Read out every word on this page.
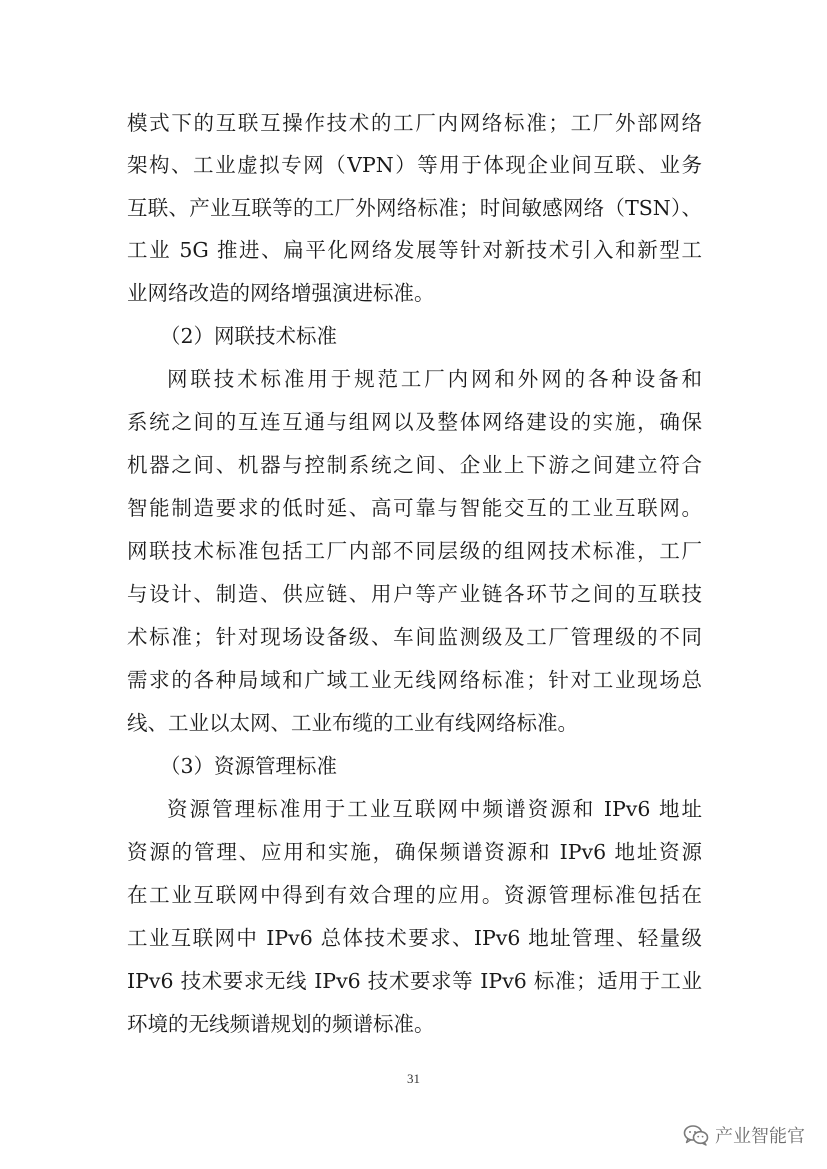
模式下的互联互操作技术的工厂内网络标准；工厂外部网络
架构、工业虚拟专网（VPN）等用于体现企业间互联、业务
互联、产业互联等的工厂外网络标准；时间敏感网络（TSN）、
工业 5G 推进、扁平化网络发展等针对新技术引入和新型工
业网络改造的网络增强演进标准。
（2）网联技术标准
网联技术标准用于规范工厂内网和外网的各种设备和
系统之间的互连互通与组网以及整体网络建设的实施，确保
机器之间、机器与控制系统之间、企业上下游之间建立符合
智能制造要求的低时延、高可靠与智能交互的工业互联网。
网联技术标准包括工厂内部不同层级的组网技术标准，工厂
与设计、制造、供应链、用户等产业链各环节之间的互联技
术标准；针对现场设备级、车间监测级及工厂管理级的不同
需求的各种局域和广域工业无线网络标准；针对工业现场总
线、工业以太网、工业布缆的工业有线网络标准。
（3）资源管理标准
资源管理标准用于工业互联网中频谱资源和 IPv6 地址
资源的管理、应用和实施，确保频谱资源和 IPv6 地址资源
在工业互联网中得到有效合理的应用。资源管理标准包括在
工业互联网中 IPv6 总体技术要求、IPv6 地址管理、轻量级
IPv6 技术要求无线 IPv6 技术要求等 IPv6 标准；适用于工业
环境的无线频谱规划的频谱标准。
31
产业智能官
